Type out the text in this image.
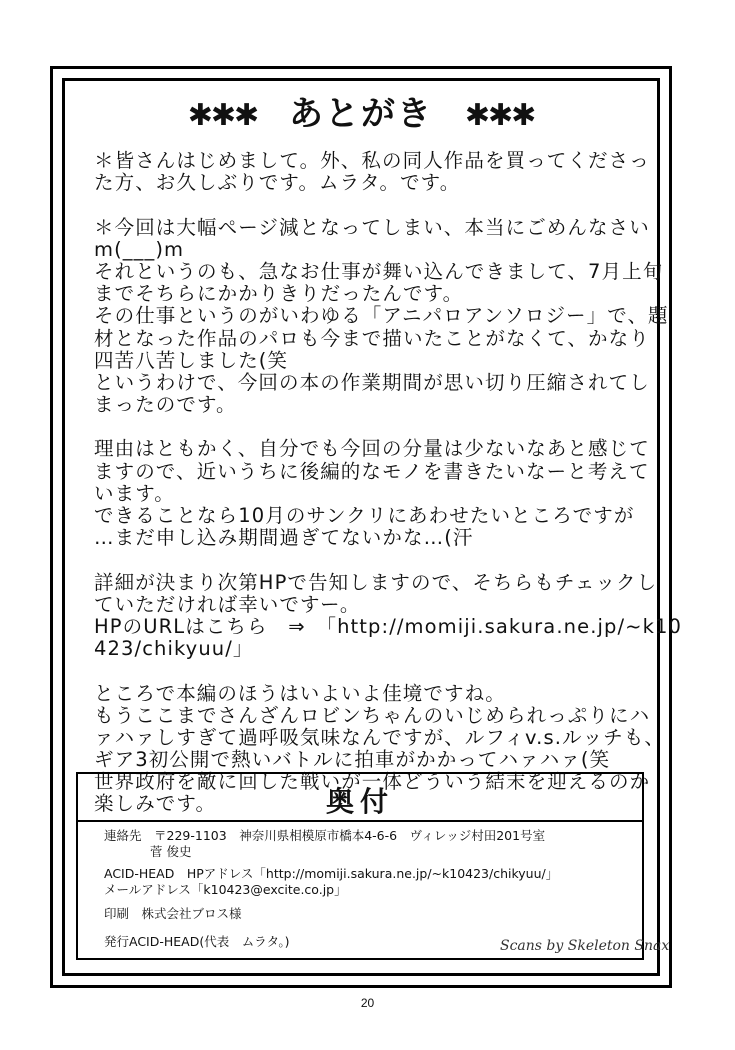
✱✱✱ あとがき ✱✱✱
＊皆さんはじめまして。外、私の同人作品を買ってくださっ
た方、お久しぶりです。ムラタ。です。
＊今回は大幅ページ減となってしまい、本当にごめんなさい
m(___)m
それというのも、急なお仕事が舞い込んできまして、7月上旬
までそちらにかかりきりだったんです。
その仕事というのがいわゆる「アニパロアンソロジー」で、題
材となった作品のパロも今まで描いたことがなくて、かなり
四苦八苦しました(笑
というわけで、今回の本の作業期間が思い切り圧縮されてし
まったのです。
理由はともかく、自分でも今回の分量は少ないなあと感じて
ますので、近いうちに後編的なモノを書きたいなーと考えて
います。
できることなら10月のサンクリにあわせたいところですが
…まだ申し込み期間過ぎてないかな…(汗
詳細が決まり次第HPで告知しますので、そちらもチェックし
ていただければ幸いですー。
HPのURLはこちら　⇒　「http://momiji.sakura.ne.jp/~k10
423/chikyuu/」
ところで本編のほうはいよいよ佳境ですね。
もうここまでさんざんロビンちゃんのいじめられっぷりにハ
ァハァしすぎて過呼吸気味なんですが、ルフィv.s.ルッチも、
ギア3初公開で熱いバトルに拍車がかかってハァハァ(笑
世界政府を敵に回した戦いが一体どういう結末を迎えるのか
楽しみです。	奥付
連絡先　 〒229-1103　神奈川県相模原市橋本4-6-6　ヴィレッジ村田201号室
菅 俊史
ACID-HEAD　HPアドレス「http://momiji.sakura.ne.jp/~k10423/chikyuu/」
メールアドレス「k10423@excite.co.jp」
印刷　株式会社ブロス様
発行ACID-HEAD(代表　ムラタ。)	Scans by Skeleton Snax
20
